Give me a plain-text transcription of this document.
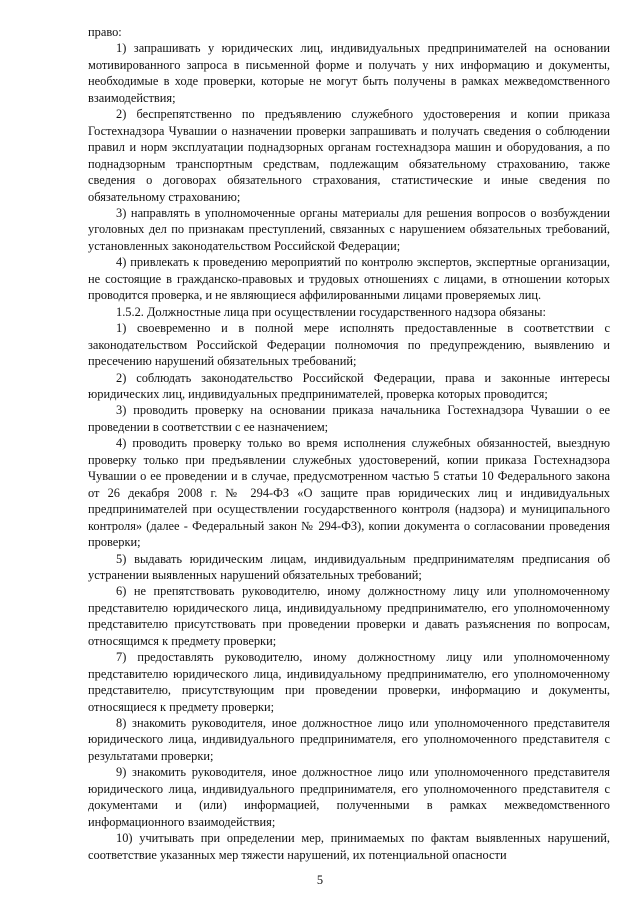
право:

1) запрашивать у юридических лиц, индивидуальных предпринимателей на основании мотивированного запроса в письменной форме и получать у них информацию и документы, необходимые в ходе проверки, которые не могут быть получены в рамках межведомственного взаимодействия;

2) беспрепятственно по предъявлению служебного удостоверения и копии приказа Гостехнадзора Чувашии о назначении проверки запрашивать и получать сведения о соблюдении правил и норм эксплуатации поднадзорных органам гостехнадзора машин и оборудования, а по поднадзорным транспортным средствам, подлежащим обязательному страхованию, также сведения о договорах обязательного страхования, статистические и иные сведения по обязательному страхованию;

3) направлять в уполномоченные органы материалы для решения вопросов о возбуждении уголовных дел по признакам преступлений, связанных с нарушением обязательных требований, установленных законодательством Российской Федерации;

4) привлекать к проведению мероприятий по контролю экспертов, экспертные организации, не состоящие в гражданско-правовых и трудовых отношениях с лицами, в отношении которых проводится проверка, и не являющиеся аффилированными лицами проверяемых лиц.

1.5.2. Должностные лица при осуществлении государственного надзора обязаны:

1) своевременно и в полной мере исполнять предоставленные в соответствии с законодательством Российской Федерации полномочия по предупреждению, выявлению и пресечению нарушений обязательных требований;

2) соблюдать законодательство Российской Федерации, права и законные интересы юридических лиц, индивидуальных предпринимателей, проверка которых проводится;

3) проводить проверку на основании приказа начальника Гостехнадзора Чувашии о ее проведении в соответствии с ее назначением;

4) проводить проверку только во время исполнения служебных обязанностей, выездную проверку только при предъявлении служебных удостоверений, копии приказа Гостехнадзора Чувашии о ее проведении и в случае, предусмотренном частью 5 статьи 10 Федерального закона от 26 декабря 2008 г. № 294-ФЗ «О защите прав юридических лиц и индивидуальных предпринимателей при осуществлении государственного контроля (надзора) и муниципального контроля» (далее - Федеральный закон № 294-ФЗ), копии документа о согласовании проведения проверки;

5) выдавать юридическим лицам, индивидуальным предпринимателям предписания об устранении выявленных нарушений обязательных требований;

6) не препятствовать руководителю, иному должностному лицу или уполномоченному представителю юридического лица, индивидуальному предпринимателю, его уполномоченному представителю присутствовать при проведении проверки и давать разъяснения по вопросам, относящимся к предмету проверки;

7) предоставлять руководителю, иному должностному лицу или уполномоченному представителю юридического лица, индивидуальному предпринимателю, его уполномоченному представителю, присутствующим при проведении проверки, информацию и документы, относящиеся к предмету проверки;

8) знакомить руководителя, иное должностное лицо или уполномоченного представителя юридического лица, индивидуального предпринимателя, его уполномоченного представителя с результатами проверки;

9) знакомить руководителя, иное должностное лицо или уполномоченного представителя юридического лица, индивидуального предпринимателя, его уполномоченного представителя с документами и (или) информацией, полученными в рамках межведомственного информационного взаимодействия;

10) учитывать при определении мер, принимаемых по фактам выявленных нарушений, соответствие указанных мер тяжести нарушений, их потенциальной опасности

5
